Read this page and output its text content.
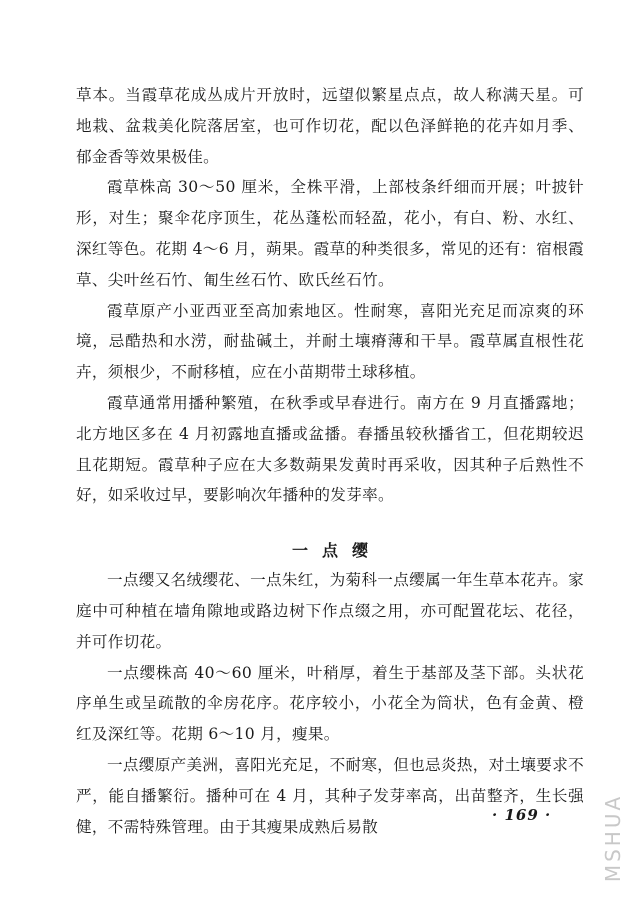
草本。当霞草花成丛成片开放时，远望似繁星点点，故人称满天星。可地栽、盆栽美化院落居室，也可作切花，配以色泽鲜艳的花卉如月季、郁金香等效果极佳。

霞草株高 30～50 厘米，全株平滑，上部枝条纤细而开展；叶披针形，对生；聚伞花序顶生，花丛蓬松而轻盈，花小，有白、粉、水红、深红等色。花期 4～6 月，蒴果。霞草的种类很多，常见的还有：宿根霞草、尖叶丝石竹、匍生丝石竹、欧氏丝石竹。

霞草原产小亚西亚至高加索地区。性耐寒，喜阳光充足而凉爽的环境，忌酷热和水涝，耐盐碱土，并耐土壤瘠薄和干旱。霞草属直根性花卉，须根少，不耐移植，应在小苗期带土球移植。

霞草通常用播种繁殖，在秋季或早春进行。南方在 9 月直播露地；北方地区多在 4 月初露地直播或盆播。春播虽较秋播省工，但花期较迟且花期短。霞草种子应在大多数蒴果发黄时再采收，因其种子后熟性不好，如采收过早，要影响次年播种的发芽率。

一点缨

一点缨又名绒缨花、一点朱红，为菊科一点缨属一年生草本花卉。家庭中可种植在墙角隙地或路边树下作点缀之用，亦可配置花坛、花径，并可作切花。

一点缨株高 40～60 厘米，叶稍厚，着生于基部及茎下部。头状花序单生或呈疏散的伞房花序。花序较小，小花全为筒状，色有金黄、橙红及深红等。花期 6～10 月，瘦果。

一点缨原产美洲，喜阳光充足，不耐寒，但也忌炎热，对土壤要求不严，能自播繁衍。播种可在 4 月，其种子发芽率高，出苗整齐，生长强健，不需特殊管理。由于其瘦果成熟后易散

· 169 · MSHUA
